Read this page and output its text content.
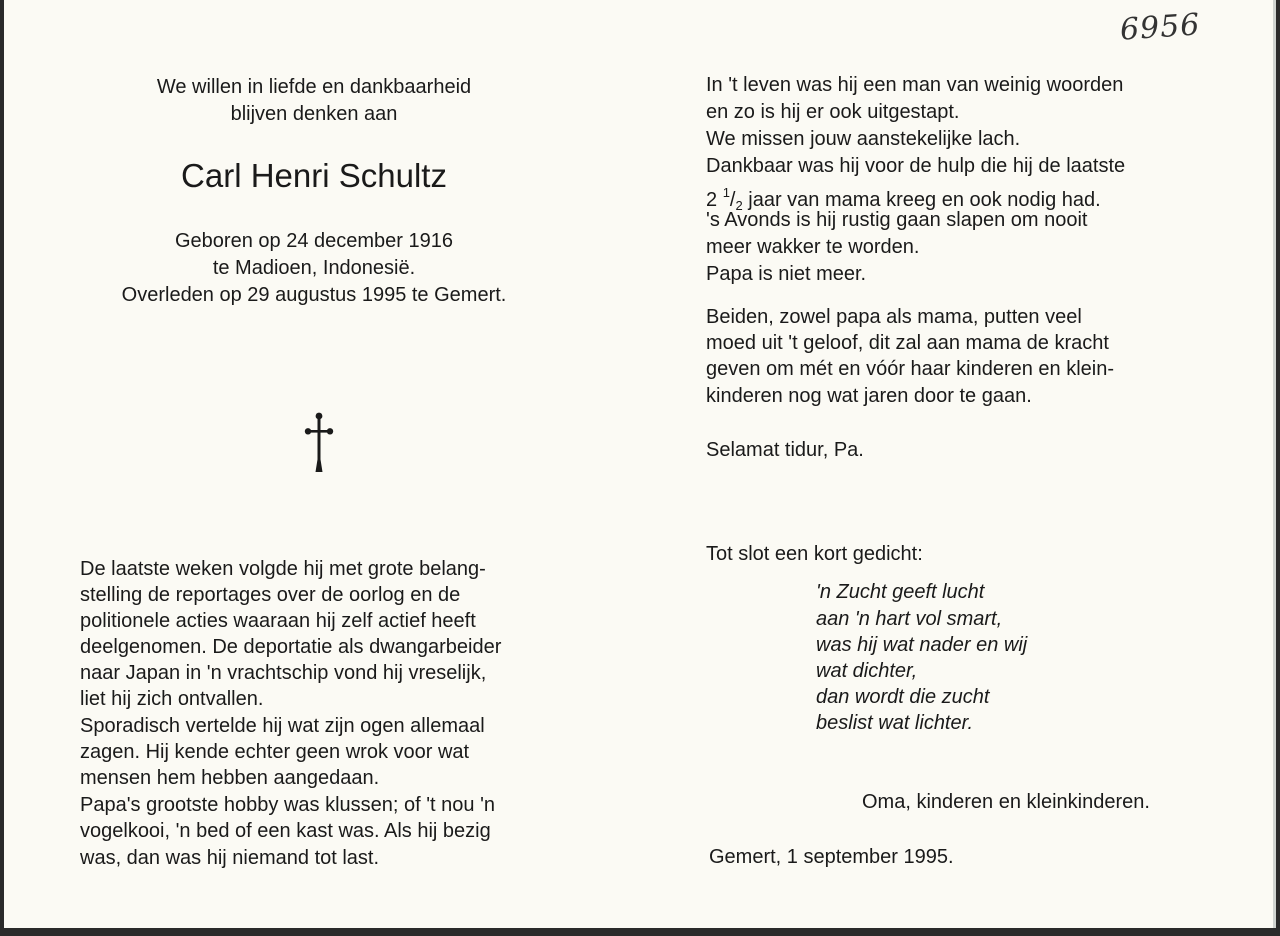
6956
We willen in liefde en dankbaarheid
blijven denken aan
Carl Henri Schultz
Geboren op 24 december 1916
te Madioen, Indonesië.
Overleden op 29 augustus 1995 te Gemert.
De laatste weken volgde hij met grote belang-
stelling de reportages over de oorlog en de
politionele acties waaraan hij zelf actief heeft
deelgenomen. De deportatie als dwangarbeider
naar Japan in 'n vrachtschip vond hij vreselijk,
liet hij zich ontvallen.
Sporadisch vertelde hij wat zijn ogen allemaal
zagen. Hij kende echter geen wrok voor wat
mensen hem hebben aangedaan.
Papa's grootste hobby was klussen; of 't nou 'n
vogelkooi, 'n bed of een kast was. Als hij bezig
was, dan was hij niemand tot last.
In 't leven was hij een man van weinig woorden
en zo is hij er ook uitgestapt.
We missen jouw aanstekelijke lach.
Dankbaar was hij voor de hulp die hij de laatste
2 $^1/_2$ jaar van mama kreeg en ook nodig had.
's Avonds is hij rustig gaan slapen om nooit
meer wakker te worden.
Papa is niet meer.
Beiden, zowel papa als mama, putten veel
moed uit 't geloof, dit zal aan mama de kracht
geven om mét en vóór haar kinderen en klein-
kinderen nog wat jaren door te gaan.
Selamat tidur, Pa.
Tot slot een kort gedicht:
'n Zucht geeft lucht
aan 'n hart vol smart,
was hij wat nader en wij
wat dichter,
dan wordt die zucht
beslist wat lichter.
Oma, kinderen en kleinkinderen.
Gemert, 1 september 1995.
